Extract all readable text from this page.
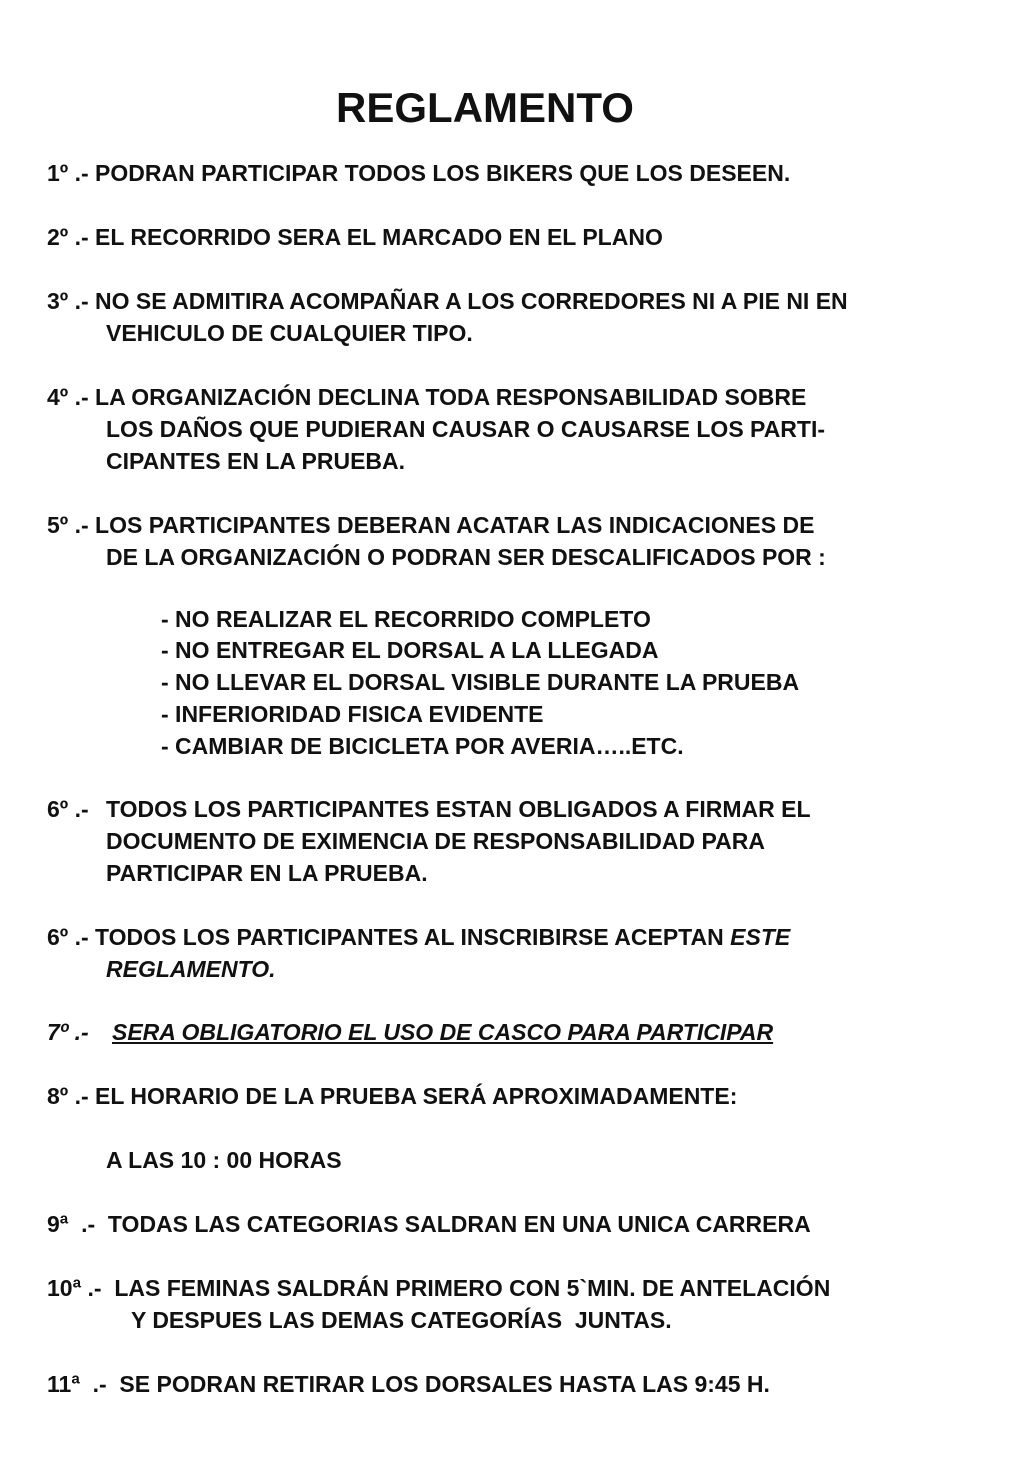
REGLAMENTO
1º .- PODRAN PARTICIPAR TODOS LOS BIKERS QUE LOS DESEEN.
2º .- EL RECORRIDO SERA EL MARCADO EN EL PLANO
3º .- NO SE ADMITIRA ACOMPAÑAR A LOS CORREDORES NI A PIE NI EN
VEHICULO DE CUALQUIER TIPO.
4º .- LA ORGANIZACIÓN DECLINA TODA RESPONSABILIDAD SOBRE
LOS DAÑOS QUE PUDIERAN CAUSAR O CAUSARSE LOS PARTI-
CIPANTES EN LA PRUEBA.
5º .- LOS PARTICIPANTES DEBERAN ACATAR LAS INDICACIONES DE
DE LA ORGANIZACIÓN O PODRAN SER DESCALIFICADOS POR :
- NO REALIZAR EL RECORRIDO COMPLETO
- NO ENTREGAR EL DORSAL A LA LLEGADA
- NO LLEVAR EL DORSAL VISIBLE DURANTE LA PRUEBA
- INFERIORIDAD FISICA EVIDENTE
- CAMBIAR DE BICICLETA POR AVERIA…..ETC.
6º .- TODOS LOS PARTICIPANTES ESTAN OBLIGADOS A FIRMAR EL
DOCUMENTO DE EXIMENCIA DE RESPONSABILIDAD PARA
PARTICIPAR EN LA PRUEBA.
6º .- TODOS LOS PARTICIPANTES AL INSCRIBIRSE ACEPTAN ESTE
REGLAMENTO.
7º .- SERA OBLIGATORIO EL USO DE CASCO PARA PARTICIPAR
8º .- EL HORARIO DE LA PRUEBA SERÁ APROXIMADAMENTE:
A LAS 10 : 00 HORAS
9ª  .-  TODAS LAS CATEGORIAS SALDRAN EN UNA UNICA CARRERA
10ª .-  LAS FEMINAS SALDRÁN PRIMERO CON 5`MIN. DE ANTELACIÓN
Y DESPUES LAS DEMAS CATEGORÍAS  JUNTAS.
11ª  .-  SE PODRAN RETIRAR LOS DORSALES HASTA LAS 9:45 H.
